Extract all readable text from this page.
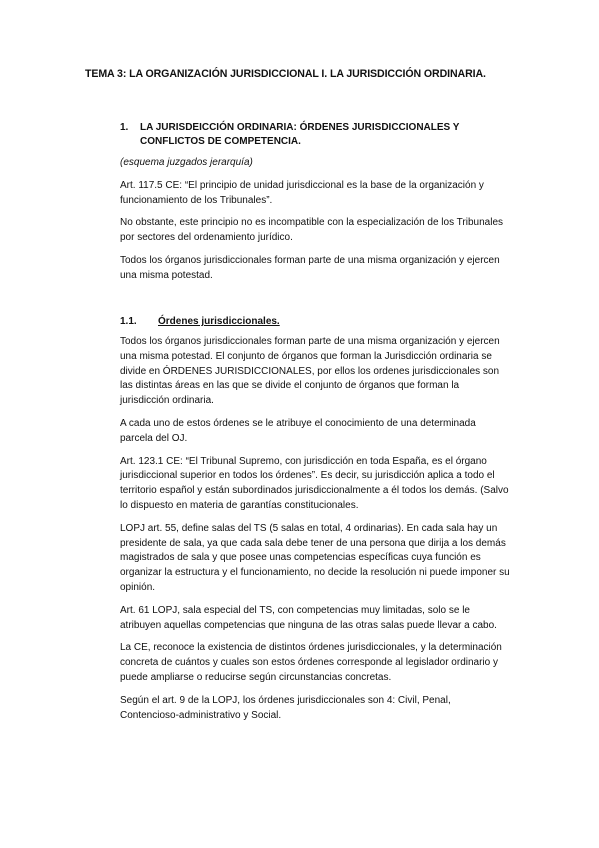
TEMA 3: LA ORGANIZACIÓN JURISDICCIONAL I. LA JURISDICCIÓN ORDINARIA.
1. LA JURISDEICCIÓN ORDINARIA: ÓRDENES JURISDICCIONALES Y CONFLICTOS DE COMPETENCIA.

(esquema juzgados jerarquía)

Art. 117.5 CE: “El principio de unidad jurisdiccional es la base de la organización y funcionamiento de los Tribunales”.

No obstante, este principio no es incompatible con la especialización de los Tribunales por sectores del ordenamiento jurídico.

Todos los órganos jurisdiccionales forman parte de una misma organización y ejercen una misma potestad.

1.1. Órdenes jurisdiccionales.

Todos los órganos jurisdiccionales forman parte de una misma organización y ejercen una misma potestad. El conjunto de órganos que forman la Jurisdicción ordinaria se divide en ÓRDENES JURISDICCIONALES, por ellos los ordenes jurisdiccionales son las distintas áreas en las que se divide el conjunto de órganos que forman la jurisdicción ordinaria.

A cada uno de estos órdenes se le atribuye el conocimiento de una determinada parcela del OJ.

Art. 123.1 CE: “El Tribunal Supremo, con jurisdicción en toda España, es el órgano jurisdiccional superior en todos los órdenes”. Es decir, su jurisdicción aplica a todo el territorio español y están subordinados jurisdiccionalmente a él todos los demás. (Salvo lo dispuesto en materia de garantías constitucionales.

LOPJ art. 55, define salas del TS (5 salas en total, 4 ordinarias). En cada sala hay un presidente de sala, ya que cada sala debe tener de una persona que dirija a los demás magistrados de sala y que posee unas competencias específicas cuya función es organizar la estructura y el funcionamiento, no decide la resolución ni puede imponer su opinión.

Art. 61 LOPJ, sala especial del TS, con competencias muy limitadas, solo se le atribuyen aquellas competencias que ninguna de las otras salas puede llevar a cabo.

La CE, reconoce la existencia de distintos órdenes jurisdiccionales, y la determinación concreta de cuántos y cuales son estos órdenes corresponde al legislador ordinario y puede ampliarse o reducirse según circunstancias concretas.

Según el art. 9 de la LOPJ, los órdenes jurisdiccionales son 4: Civil, Penal, Contencioso-administrativo y Social.
